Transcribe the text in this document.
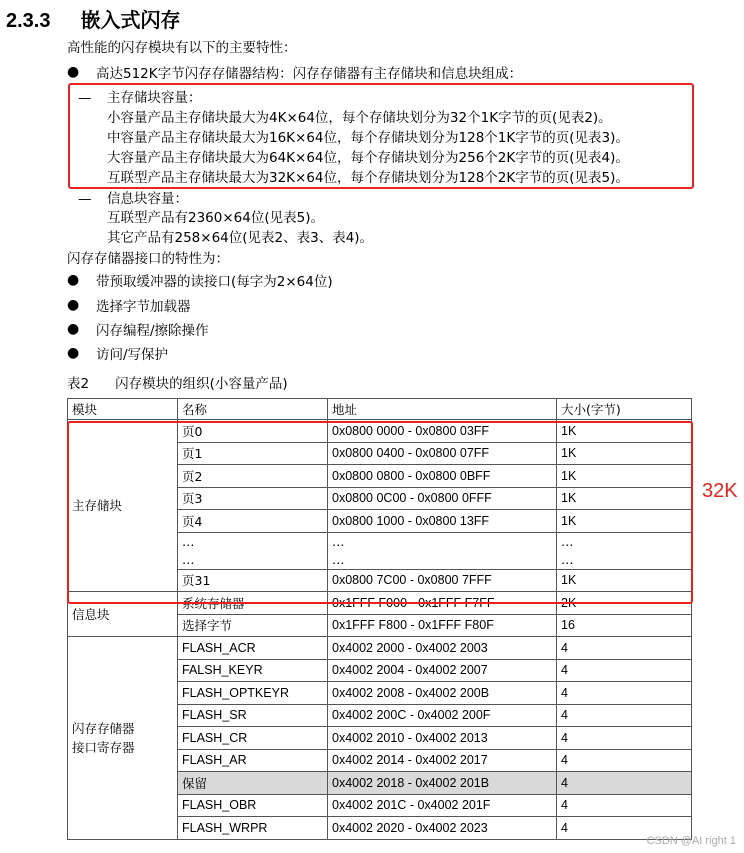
2.3.3 嵌入式闪存
高性能的闪存模块有以下的主要特性：
● 高达512K字节闪存存储器结构：闪存存储器有主存储块和信息块组成：
— 主存储块容量：
小容量产品主存储块最大为4K×64位，每个存储块划分为32个1K字节的页(见表2)。
中容量产品主存储块最大为16K×64位，每个存储块划分为128个1K字节的页(见表3)。
大容量产品主存储块最大为64K×64位，每个存储块划分为256个2K字节的页(见表4)。
互联型产品主存储块最大为32K×64位，每个存储块划分为128个2K字节的页(见表5)。
— 信息块容量：
互联型产品有2360×64位(见表5)。
其它产品有258×64位(见表2、表3、表4)。
闪存存储器接口的特性为：
● 带预取缓冲器的读接口(每字为2×64位)
● 选择字节加载器
● 闪存编程/擦除操作
● 访问/写保护
表2 闪存模块的组织(小容量产品)
模块	名称	地址	大小(字节)
主存储块	页0	0x0800 0000 - 0x0800 03FF	1K
	页1	0x0800 0400 - 0x0800 07FF	1K
	页2	0x0800 0800 - 0x0800 0BFF	1K
	页3	0x0800 0C00 - 0x0800 0FFF	1K
	页4	0x0800 1000 - 0x0800 13FF	1K
	…	…	…
	…	…	…
	页31	0x0800 7C00 - 0x0800 7FFF	1K
信息块	系统存储器	0x1FFF F000 - 0x1FFF F7FF	2K
	选择字节	0x1FFF F800 - 0x1FFF F80F	16

闪存存储器
接口寄存器	FLASH_ACR	0x4002 2000 - 0x4002 2003	4
	FALSH_KEYR	0x4002 2004 - 0x4002 2007	4
	FLASH_OPTKEYR	0x4002 2008 - 0x4002 200B	4
	FLASH_SR	0x4002 200C - 0x4002 200F	4
	FLASH_CR	0x4002 2010 - 0x4002 2013	4
	FLASH_AR	0x4002 2014 - 0x4002 2017	4
	保留	0x4002 2018 - 0x4002 201B	4
	FLASH_OBR	0x4002 201C - 0x4002 201F	4
	FLASH_WRPR	0x4002 2020 - 0x4002 2023	4
32K
CSDN @AI right 1
